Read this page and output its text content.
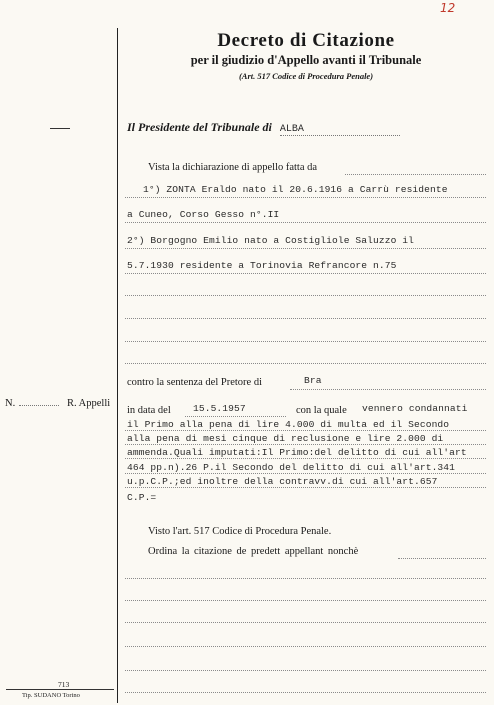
12
Decreto di Citazione
per il giudizio d'Appello avanti il Tribunale
(Art. 517 Codice di Procedura Penale)
Il Presidente del Tribunale di ALBA
Vista la dichiarazione di appello fatta da
1°) ZONTA Eraldo nato il 20.6.1916 a Carrù residente
a Cuneo, Corso Gesso n°.II
2°) Borgogno Emilio nato a Costigliole Saluzzo il
5.7.1930 residente a Torinovia Refrancore n.75
contro la sentenza del Pretore di	Bra
N.	R. Appelli
in data del 15.5.1957	con la quale vennero condannati
il Primo alla pena di lire 4.000 di multa ed il Secondo
alla pena di mesi cinque di reclusione e lire 2.000 di
ammenda.Quali imputati:Il Primo:del delitto di cui all'art
464 pp.n).26 P.il Secondo del delitto di cui all'art.341
u.p.C.P.;ed inoltre della contravv.di cui all'art.657
C.P.=
Visto l'art. 517 Codice di Procedura Penale.
Ordina la citazione de predett appellant nonchè
713
Tip. SUDANO Torino
